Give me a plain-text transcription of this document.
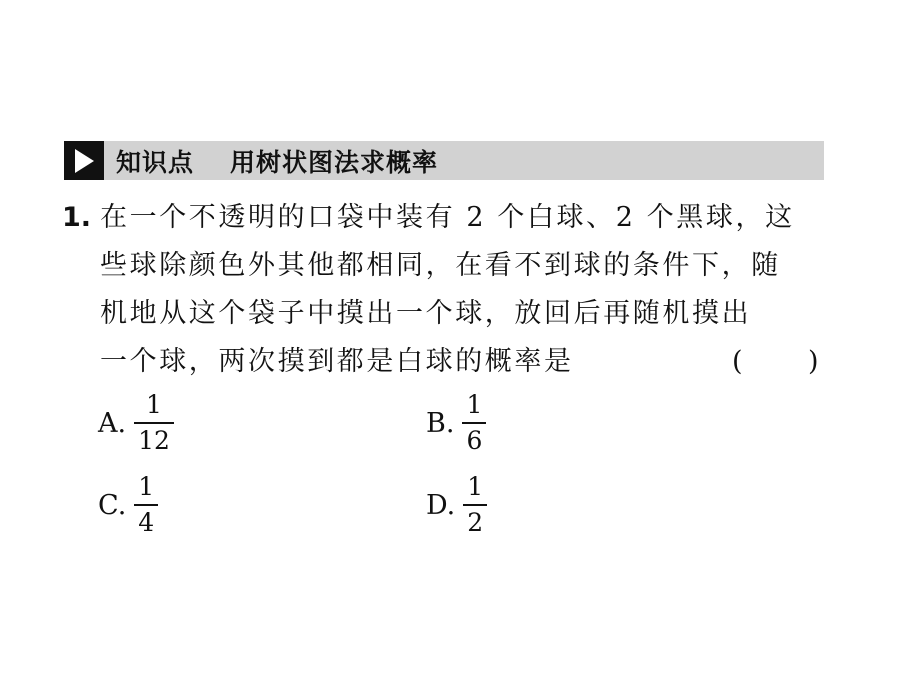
知识点 用树状图法求概率
1. 在一个不透明的口袋中装有 2 个白球、2 个黑球，这
些球除颜色外其他都相同，在看不到球的条件下，随
机地从这个袋子中摸出一个球，放回后再随机摸出
一个球，两次摸到都是白球的概率是	(      )
A. $\frac{1}{12}$	B. $\frac{1}{6}$
C. $\frac{1}{4}$	D. $\frac{1}{2}$
